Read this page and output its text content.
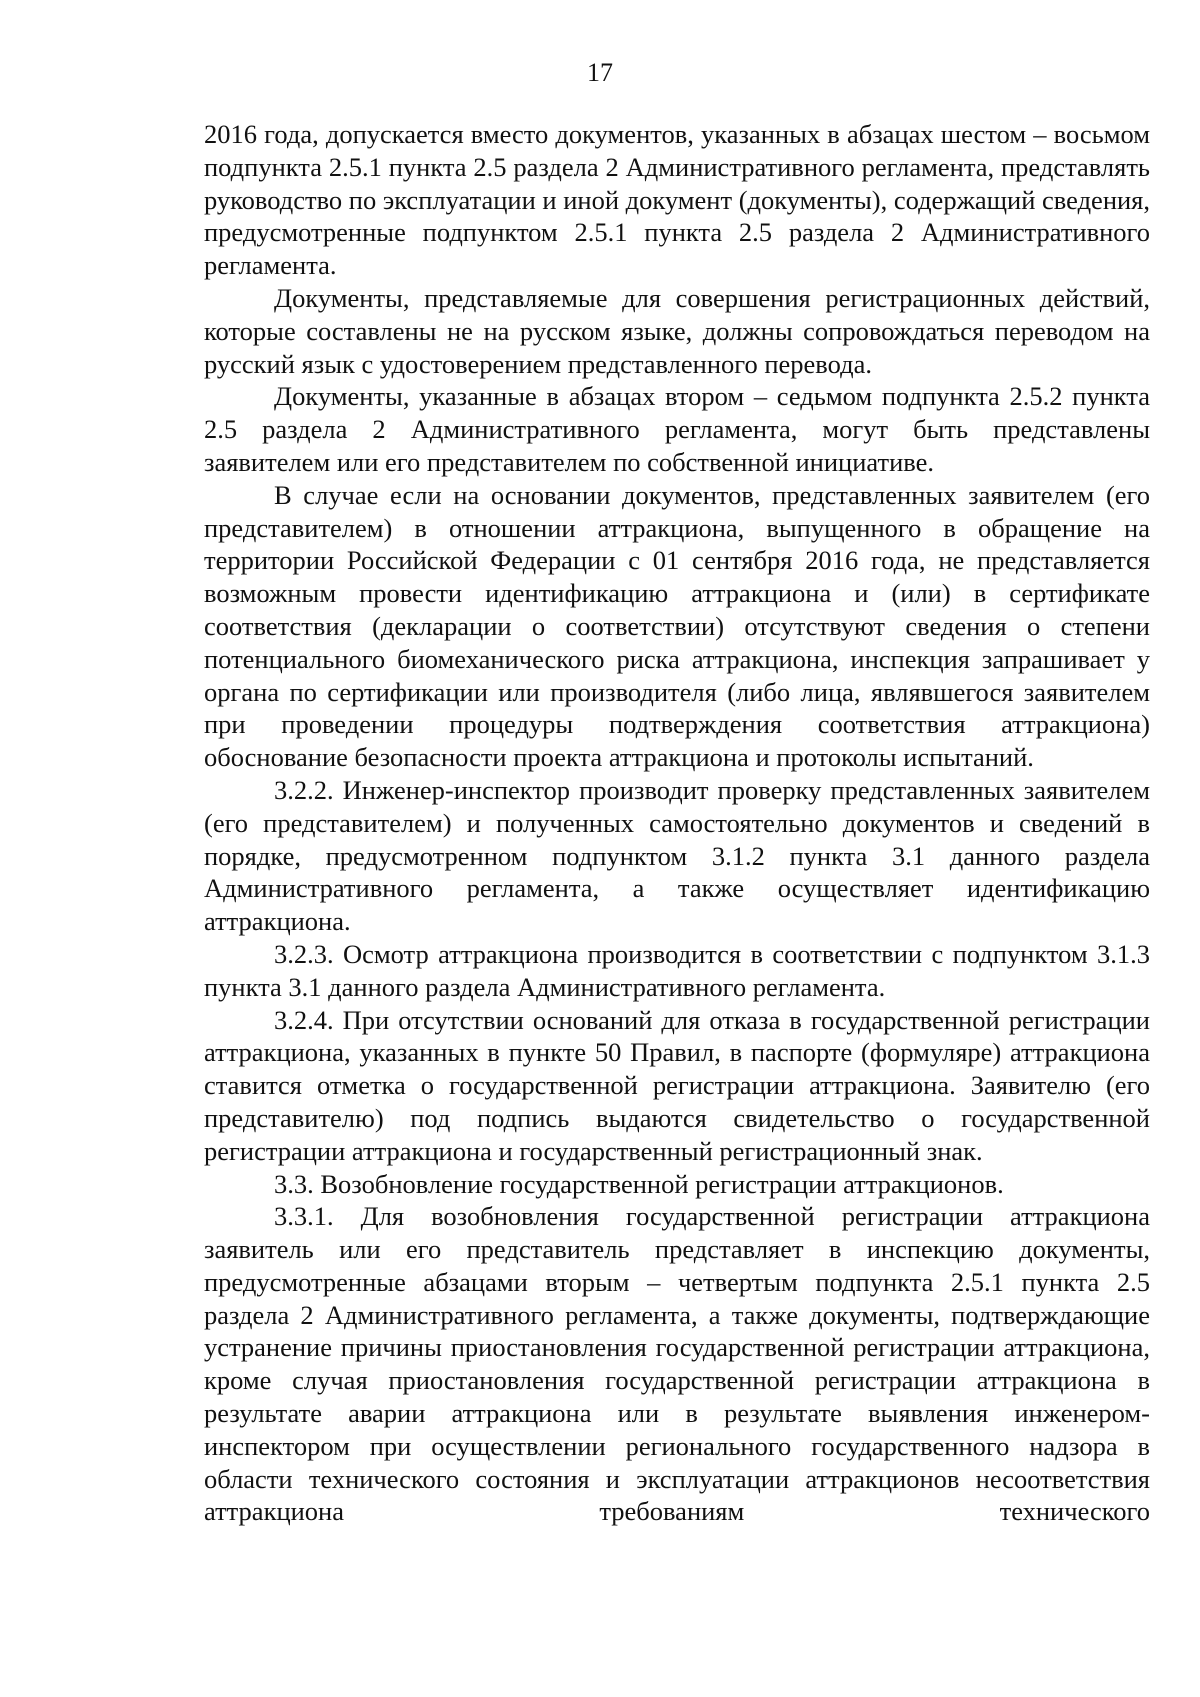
17

2016 года, допускается вместо документов, указанных в абзацах шестом – восьмом подпункта 2.5.1 пункта 2.5 раздела 2 Административного регламента, представлять руководство по эксплуатации и иной документ (документы), содержащий сведения, предусмотренные подпунктом 2.5.1 пункта 2.5 раздела 2 Административного регламента.

Документы, представляемые для совершения регистрационных действий, которые составлены не на русском языке, должны сопровождаться переводом на русский язык с удостоверением представленного перевода.

Документы, указанные в абзацах втором – седьмом подпункта 2.5.2 пункта 2.5 раздела 2 Административного регламента, могут быть представлены заявителем или его представителем по собственной инициативе.

В случае если на основании документов, представленных заявителем (его представителем) в отношении аттракциона, выпущенного в обращение на территории Российской Федерации с 01 сентября 2016 года, не представляется возможным провести идентификацию аттракциона и (или) в сертификате соответствия (декларации о соответствии) отсутствуют сведения о степени потенциального биомеханического риска аттракциона, инспекция запрашивает у органа по сертификации или производителя (либо лица, являвшегося заявителем при проведении процедуры подтверждения соответствия аттракциона) обоснование безопасности проекта аттракциона и протоколы испытаний.

3.2.2. Инженер-инспектор производит проверку представленных заявителем (его представителем) и полученных самостоятельно документов и сведений в порядке, предусмотренном подпунктом 3.1.2 пункта 3.1 данного раздела Административного регламента, а также осуществляет идентификацию аттракциона.

3.2.3. Осмотр аттракциона производится в соответствии с подпунктом 3.1.3 пункта 3.1 данного раздела Административного регламента.

3.2.4. При отсутствии оснований для отказа в государственной регистрации аттракциона, указанных в пункте 50 Правил, в паспорте (формуляре) аттракциона ставится отметка о государственной регистрации аттракциона. Заявителю (его представителю) под подпись выдаются свидетельство о государственной регистрации аттракциона и государственный регистрационный знак.

3.3. Возобновление государственной регистрации аттракционов.

3.3.1. Для возобновления государственной регистрации аттракциона заявитель или его представитель представляет в инспекцию документы, предусмотренные абзацами вторым – четвертым подпункта 2.5.1 пункта 2.5 раздела 2 Административного регламента, а также документы, подтверждающие устранение причины приостановления государственной регистрации аттракциона, кроме случая приостановления государственной регистрации аттракциона в результате аварии аттракциона или в результате выявления инженером-инспектором при осуществлении регионального государственного надзора в области технического состояния и эксплуатации аттракционов несоответствия аттракциона требованиям технического
